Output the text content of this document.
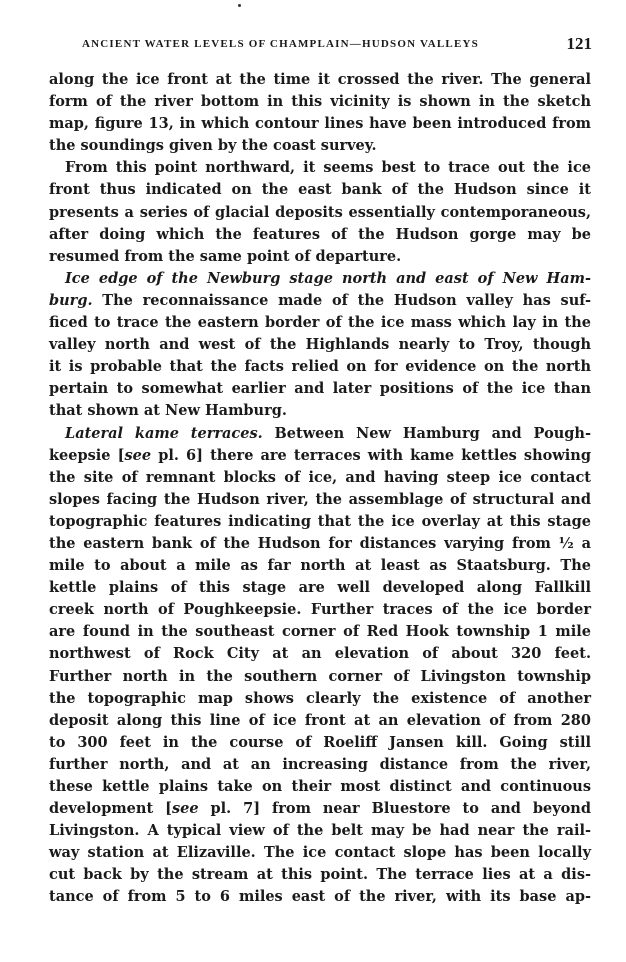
ANCIENT WATER LEVELS OF CHAMPLAIN—HUDSON VALLEYS	121
along the ice front at the time it crossed the river. The general
form of the river bottom in this vicinity is shown in the sketch
map, figure 13, in which contour lines have been introduced from
the soundings given by the coast survey.
From this point northward, it seems best to trace out the ice
front thus indicated on the east bank of the Hudson since it
presents a series of glacial deposits essentially contemporaneous,
after doing which the features of the Hudson gorge may be
resumed from the same point of departure.
Ice edge of the Newburg stage north and east of New Ham-
burg. The reconnaissance made of the Hudson valley has suf-
ficed to trace the eastern border of the ice mass which lay in the
valley north and west of the Highlands nearly to Troy, though
it is probable that the facts relied on for evidence on the north
pertain to somewhat earlier and later positions of the ice than
that shown at New Hamburg.
Lateral kame terraces. Between New Hamburg and Pough-
keepsie [see pl. 6] there are terraces with kame kettles showing
the site of remnant blocks of ice, and having steep ice contact
slopes facing the Hudson river, the assemblage of structural and
topographic features indicating that the ice overlay at this stage
the eastern bank of the Hudson for distances varying from ½ a
mile to about a mile as far north at least as Staatsburg. The
kettle plains of this stage are well developed along Fallkill
creek north of Poughkeepsie. Further traces of the ice border
are found in the southeast corner of Red Hook township 1 mile
northwest of Rock City at an elevation of about 320 feet.
Further north in the southern corner of Livingston township
the topographic map shows clearly the existence of another
deposit along this line of ice front at an elevation of from 280
to 300 feet in the course of Roeliff Jansen kill. Going still
further north, and at an increasing distance from the river,
these kettle plains take on their most distinct and continuous
development [see pl. 7] from near Bluestore to and beyond
Livingston. A typical view of the belt may be had near the rail-
way station at Elizaville. The ice contact slope has been locally
cut back by the stream at this point. The terrace lies at a dis-
tance of from 5 to 6 miles east of the river, with its base ap-
